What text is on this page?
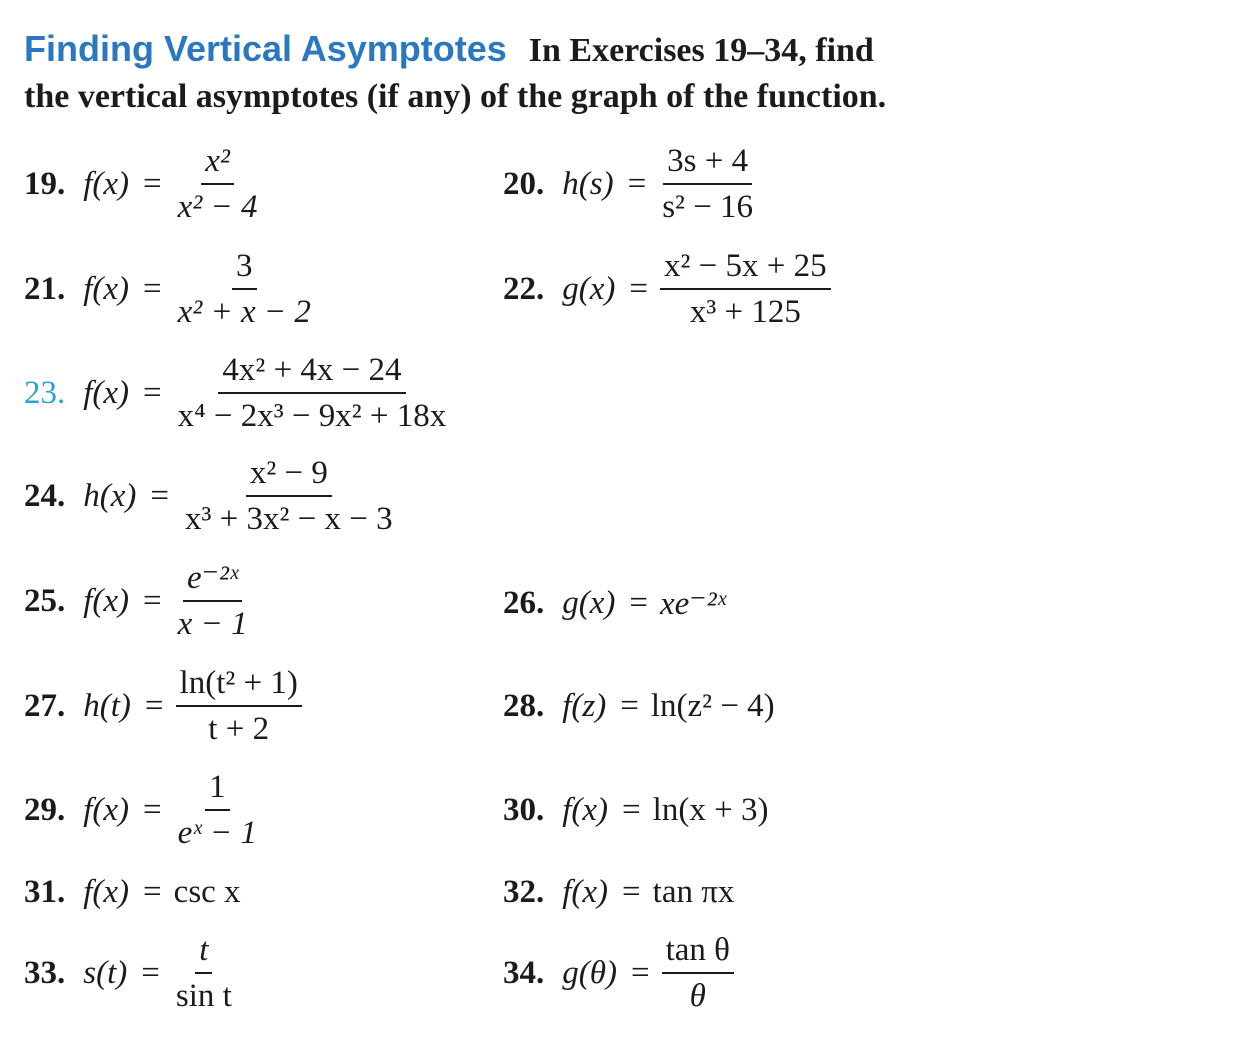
Finding Vertical Asymptotes In Exercises 19–34, find
the vertical asymptotes (if any) of the graph of the function.
19. $f(x) = \frac{\text{x²}}{\text{x² − 4}}$	20. $h(s) = \frac{3s + 4}{\text{s² − 16}}$
21. $f(x) = \frac{3}{\text{x² + x − 2}}$	22. $g(x) = \frac{\text{x² − 5x + 25}}{\text{x³ + 125}}$
23. $f(x) = \frac{\text{4x² + 4x − 24}}{\text{x⁴ − 2x³ − 9x² + 18x}}$
24. $h(x) = \frac{\text{x² − 9}}{\text{x³ + 3x² − x − 3}}$
25. $f(x) = \frac{\text{e⁻²ˣ}}{x - 1}$	26. g(x) = xe⁻²ˣ
27. $h(t) = \frac{\text{ln(t² + 1)}}{t + 2}$	28. f(z) = ln(z² − 4)
29. $f(x) = \frac{1}{\text{eˣ − 1}}$	30. f(x) = ln(x + 3)
31. f(x) = csc x	32. f(x) = tan πx
33. $s(t) = \frac{t}{\text{sin t}}$	34. $g(\theta) = \frac{\text{tan θ}}{\theta}$
